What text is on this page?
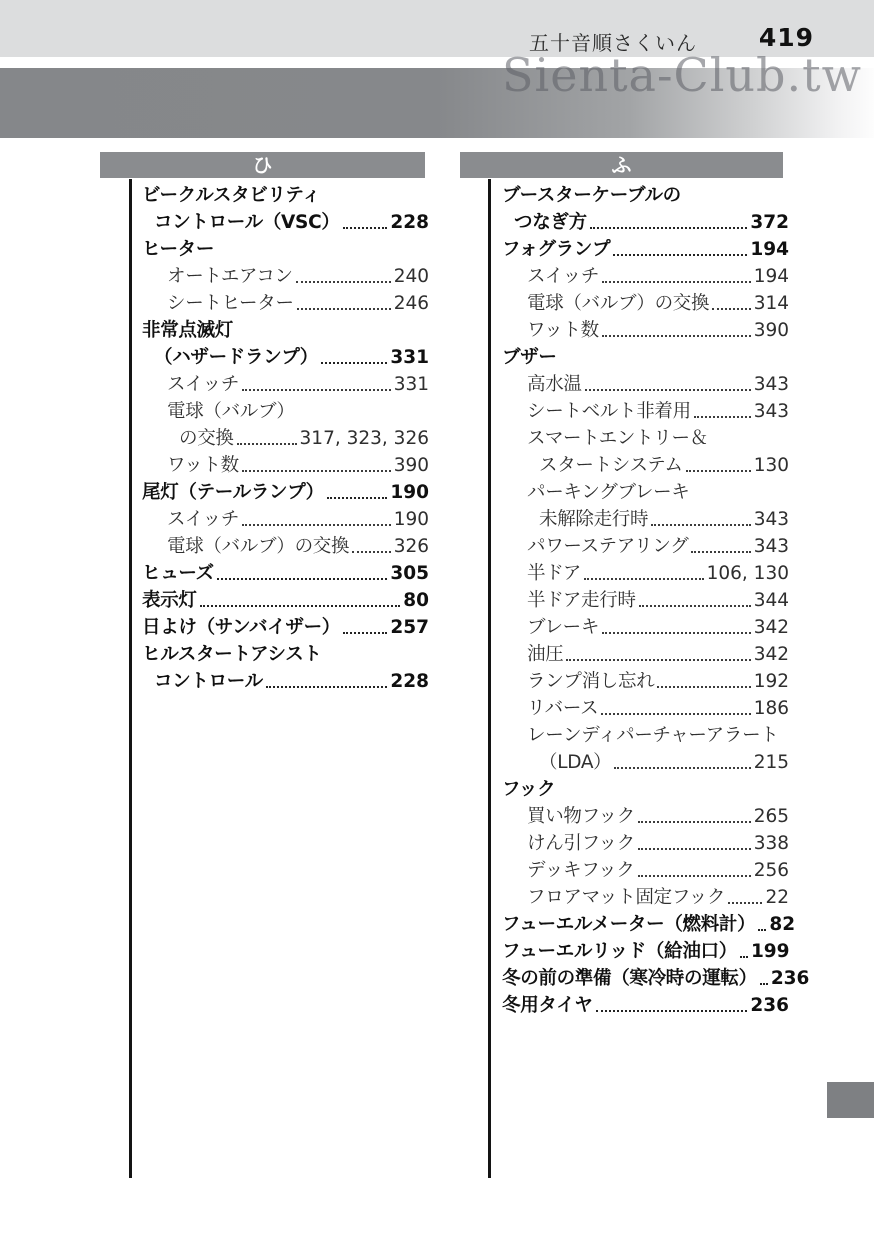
五十音順さくいん 419
Sienta-Club.tw
ひ	ふ
ビークルスタビリティ
コントロール（VSC）	228
ヒーター
オートエアコン	240
シートヒーター	246
非常点滅灯
（ハザードランプ）	331
スイッチ	331
電球（バルブ）
の交換	317, 323, 326
ワット数	390
尾灯（テールランプ）	190
スイッチ	190
電球（バルブ）の交換 326
ヒューズ	305
表示灯	80
日よけ（サンバイザー）	257
ヒルスタートアシスト
コントロール	228
ブースターケーブルの
つなぎ方	372
フォグランプ	194
スイッチ	194
電球（バルブ）の交換 314
ワット数	390
ブザー
高水温	343
シートベルト非着用	343
スマートエントリー＆
スタートシステム	130
パーキングブレーキ
未解除走行時	343
パワーステアリング	343
半ドア	106, 130
半ドア走行時	344
ブレーキ	342
油圧	342
ランプ消し忘れ	192
リバース	186
レーンディパーチャーアラート
（LDA）	215
フック
買い物フック	265
けん引フック	338
デッキフック	256
フロアマット固定フック 22
フューエルメーター（燃料計） 82
フューエルリッド（給油口） 199
冬の前の準備（寒冷時の運転） 236
冬用タイヤ	236
